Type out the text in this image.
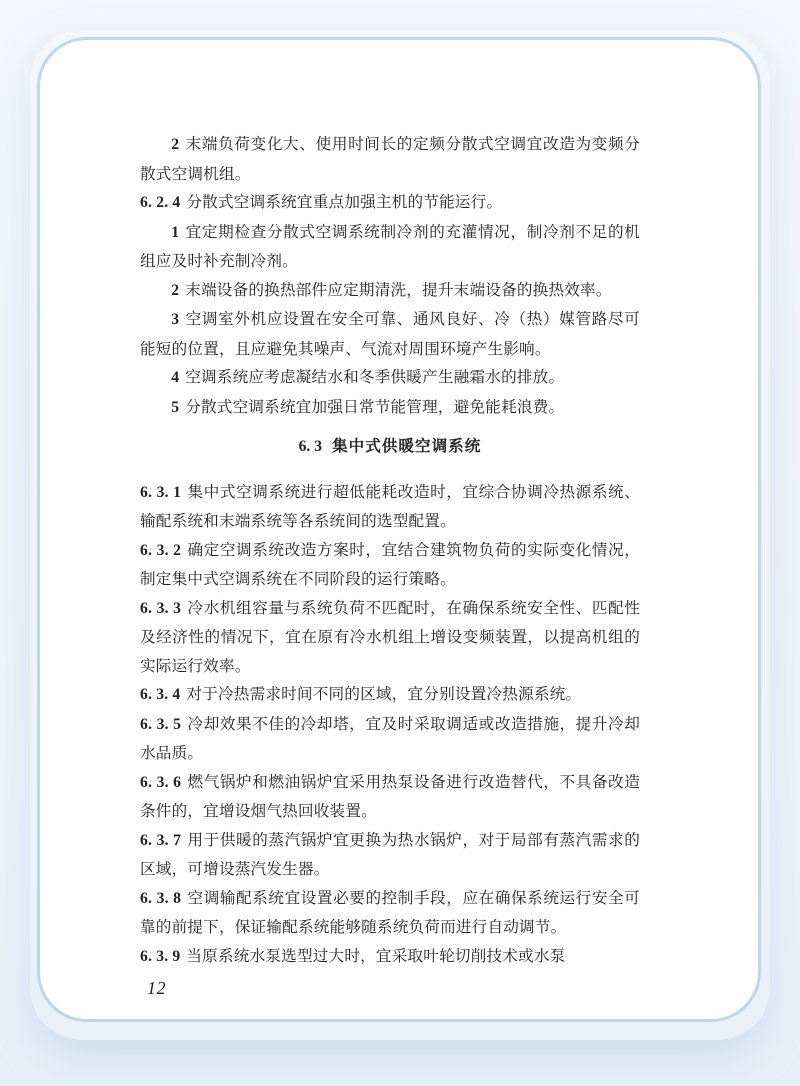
2 末端负荷变化大、使用时间长的定频分散式空调宜改造为变频分散式空调机组。

6. 2. 4 分散式空调系统宜重点加强主机的节能运行。

1 宜定期检查分散式空调系统制冷剂的充灌情况，制冷剂不足的机组应及时补充制冷剂。

2 末端设备的换热部件应定期清洗，提升末端设备的换热效率。

3 空调室外机应设置在安全可靠、通风良好、冷（热）媒管路尽可能短的位置，且应避免其噪声、气流对周围环境产生影响。

4 空调系统应考虑凝结水和冬季供暖产生融霜水的排放。

5 分散式空调系统宜加强日常节能管理，避免能耗浪费。

6. 3 集中式供暖空调系统

6. 3. 1 集中式空调系统进行超低能耗改造时，宜综合协调冷热源系统、输配系统和末端系统等各系统间的选型配置。

6. 3. 2 确定空调系统改造方案时，宜结合建筑物负荷的实际变化情况，制定集中式空调系统在不同阶段的运行策略。

6. 3. 3 冷水机组容量与系统负荷不匹配时，在确保系统安全性、匹配性及经济性的情况下，宜在原有冷水机组上增设变频装置，以提高机组的实际运行效率。

6. 3. 4 对于冷热需求时间不同的区域，宜分别设置冷热源系统。

6. 3. 5 冷却效果不佳的冷却塔，宜及时采取调适或改造措施，提升冷却水品质。

6. 3. 6 燃气锅炉和燃油锅炉宜采用热泵设备进行改造替代，不具备改造条件的，宜增设烟气热回收装置。

6. 3. 7 用于供暖的蒸汽锅炉宜更换为热水锅炉，对于局部有蒸汽需求的区域，可增设蒸汽发生器。

6. 3. 8 空调输配系统宜设置必要的控制手段，应在确保系统运行安全可靠的前提下，保证输配系统能够随系统负荷而进行自动调节。

6. 3. 9 当原系统水泵选型过大时，宜采取叶轮切削技术或水泵

12
